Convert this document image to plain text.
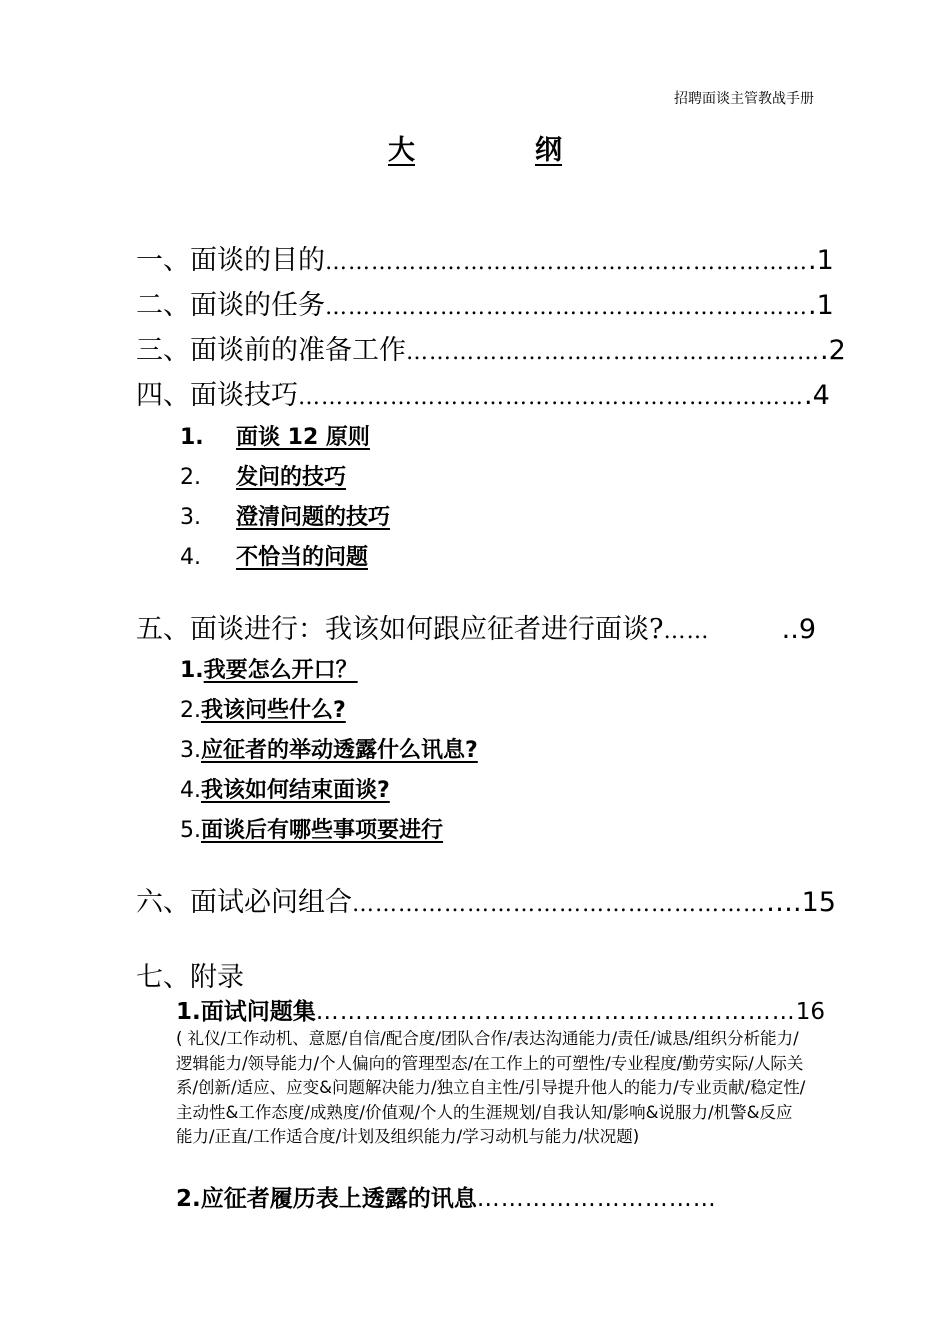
招聘面谈主管教战手册
大	纲
一、面谈的目的 ……………………………………………………… .1
二、面谈的任务 ……………………………………………………… .1
三、面谈前的准备工作 ……………………………………………… .2
四、面谈技巧 ………………………………………………………… .4
1.	面谈 12 原则
2.	发问的技巧
3.	澄清问题的技巧
4.	不恰当的问题
五、面谈进行：我该如何跟应征者进行面谈? ……	..9
1. 我要怎么开口？
2. 我该问些什么?
3. 应征者的举动透露什么讯息?
4. 我该如何结束面谈?
5. 面谈后有哪些事项要进行
六、面试必问组合 ……………………………………………… ….15
七、附录
1.面试问题集 …………………………………………………… 16
( 礼仪/工作动机、意愿/自信/配合度/团队合作/表达沟通能力/责任/诚恳/组织分析能力/逻辑能力/领导能力/个人偏向的管理型态/在工作上的可塑性/专业程度/勤劳实际/人际关系/创新/适应、应变&问题解决能力/独立自主性/引导提升他人的能力/专业贡献/稳定性/主动性&工作态度/成熟度/价值观/个人的生涯规划/自我认知/影响&说服力/机警&反应能力/正直/工作适合度/计划及组织能力/学习动机与能力/状况题)
2.应征者履历表上透露的讯息 …………………………
